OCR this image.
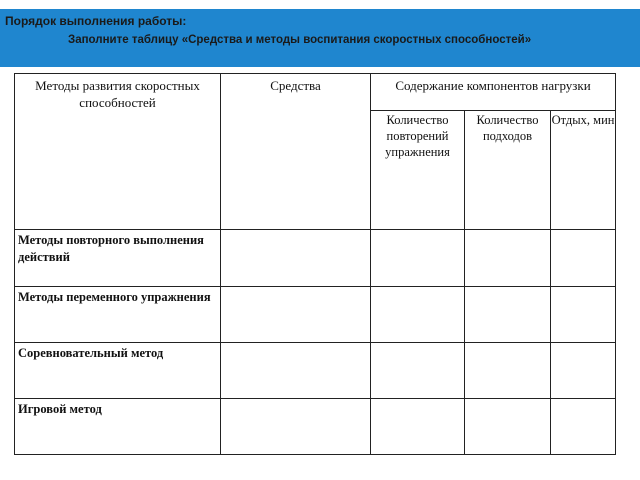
Порядок выполнения работы:
Заполните таблицу «Средства и методы воспитания скоростных способностей»
Методы развития скоростных способностей	Средства	Содержание компонентов нагрузки		

		Количество повторений упражнения	Количество подходов	Отдых, мин

Методы повторного выполнения действий				
Методы переменного упражнения				
Соревновательный метод				
Игровой метод				
